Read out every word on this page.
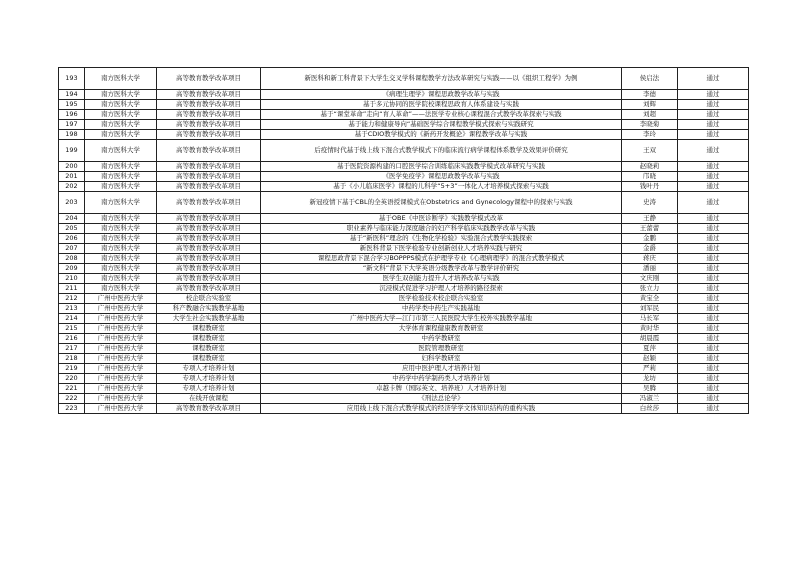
193	南方医科大学	高等教育教学改革项目	新医科和新工科背景下大学生交叉学科课程教学方法改革研究与实践——以《组织工程学》为例	侯启法	通过
194	南方医科大学	高等教育教学改革项目	《病理生理学》课程思政教学改革与实践	李德	通过
195	南方医科大学	高等教育教学改革项目	基于多元协同的医学院校课程思政育人体系建设与实践	刘辉	通过
196	南方医科大学	高等教育教学改革项目	基于“课堂革命”走向“育人革命”——法医学专业核心课程混合式教学改革探索与实践	刘超	通过
197	南方医科大学	高等教育教学改革项目	基于能力和健康导向“基础医学综合课程教学模式探索与实践研究	李晓菊	通过
198	南方医科大学	高等教育教学改革项目	基于CDIO教学模式的《新药开发概论》课程教学改革与实践	李玲	通过
199	南方医科大学	高等教育教学改革项目	后疫情时代基于线上线下混合式教学模式下的临床流行病学课程体系教学及效果评价研究	王双	通过
200	南方医科大学	高等教育教学改革项目	基于医院资源构建的口腔医学综合训练临床实践教学模式改革研究与实践	赵晓莉	通过
201	南方医科大学	高等教育教学改革项目	《医学免疫学》课程思政教学改革与实践	邝晓	通过
202	南方医科大学	高等教育教学改革项目	基于《小儿临床医学》课程的儿科学“5+3”一体化人才培养模式探索与实践	钱叶丹	通过
203	南方医科大学	高等教育教学改革项目	新冠疫情下基于CBL的全英语授课模式在Obstetrics and Gynecology课程中的探索与实践	史涛	通过
204	南方医科大学	高等教育教学改革项目	基于OBE《中医诊断学》实践教学模式改革	王静	通过
205	南方医科大学	高等教育教学改革项目	职业素养与临床能力深度融合的妇产科学临床实践教学改革与实践	王蕾蕾	通过
206	南方医科大学	高等教育教学改革项目	基于“新医科”理念的《生物化学检验》实验混合式教学实践探索	金鹏	通过
207	南方医科大学	高等教育教学改革项目	新医科背景下医学检验专业创新创业人才培养实践与研究	金爵	通过
208	南方医科大学	高等教育教学改革项目	课程思政背景下混合学习BOPPPS模式在护理学专业《心理病理学》的混合式教学模式	蒋庆	通过
209	南方医科大学	高等教育教学改革项目	“新文科”背景下大学英语分级教学改革与教学评价研究	潘丽	通过
210	南方医科大学	高等教育教学改革项目	医学生双创能力提升人才培养改革与实践	文庆刚	通过
211	南方医科大学	高等教育教学改革项目	沉浸模式促进学习护理人才培养的路径探索	张立力	通过
212	广州中医药大学	校企联合实验室	医学检验技术校企联合实验室	黄宝全	通过
213	广州中医药大学	科产教融合实践教学基地	中药学类中药生产实践基地	刘军民	通过
214	广州中医药大学	大学生社会实践教学基地	广州中医药大学—江门市第三人民医院大学生校外实践教学基地	马长军	通过
215	广州中医药大学	课程教研室	大学体育课程健康教育教研室	黄时华	通过
216	广州中医药大学	课程教研室	中药学教研室	胡晨霞	通过
217	广州中医药大学	课程教研室	医院管理教研室	夏萍	通过
218	广州中医药大学	课程教研室	妇科学教研室	赵颖	通过
219	广州中医药大学	专项人才培养计划	应用中医护理人才培养计划	严莉	通过
220	广州中医药大学	专项人才培养计划	中药学中药学制药类人才培养计划	龙坊	通过
221	广州中医药大学	专项人才培养计划	卓越卡牌（国际英文、培养班）人才培养计划	吴腾	通过
222	广州中医药大学	在线开放课程	《刑法总论学》	冯淑兰	通过
223	广州中医药大学	高等教育教学改革项目	应用线上线下混合式教学模式的经济学学文体知识结构的重构实践	白丝莎	通过
